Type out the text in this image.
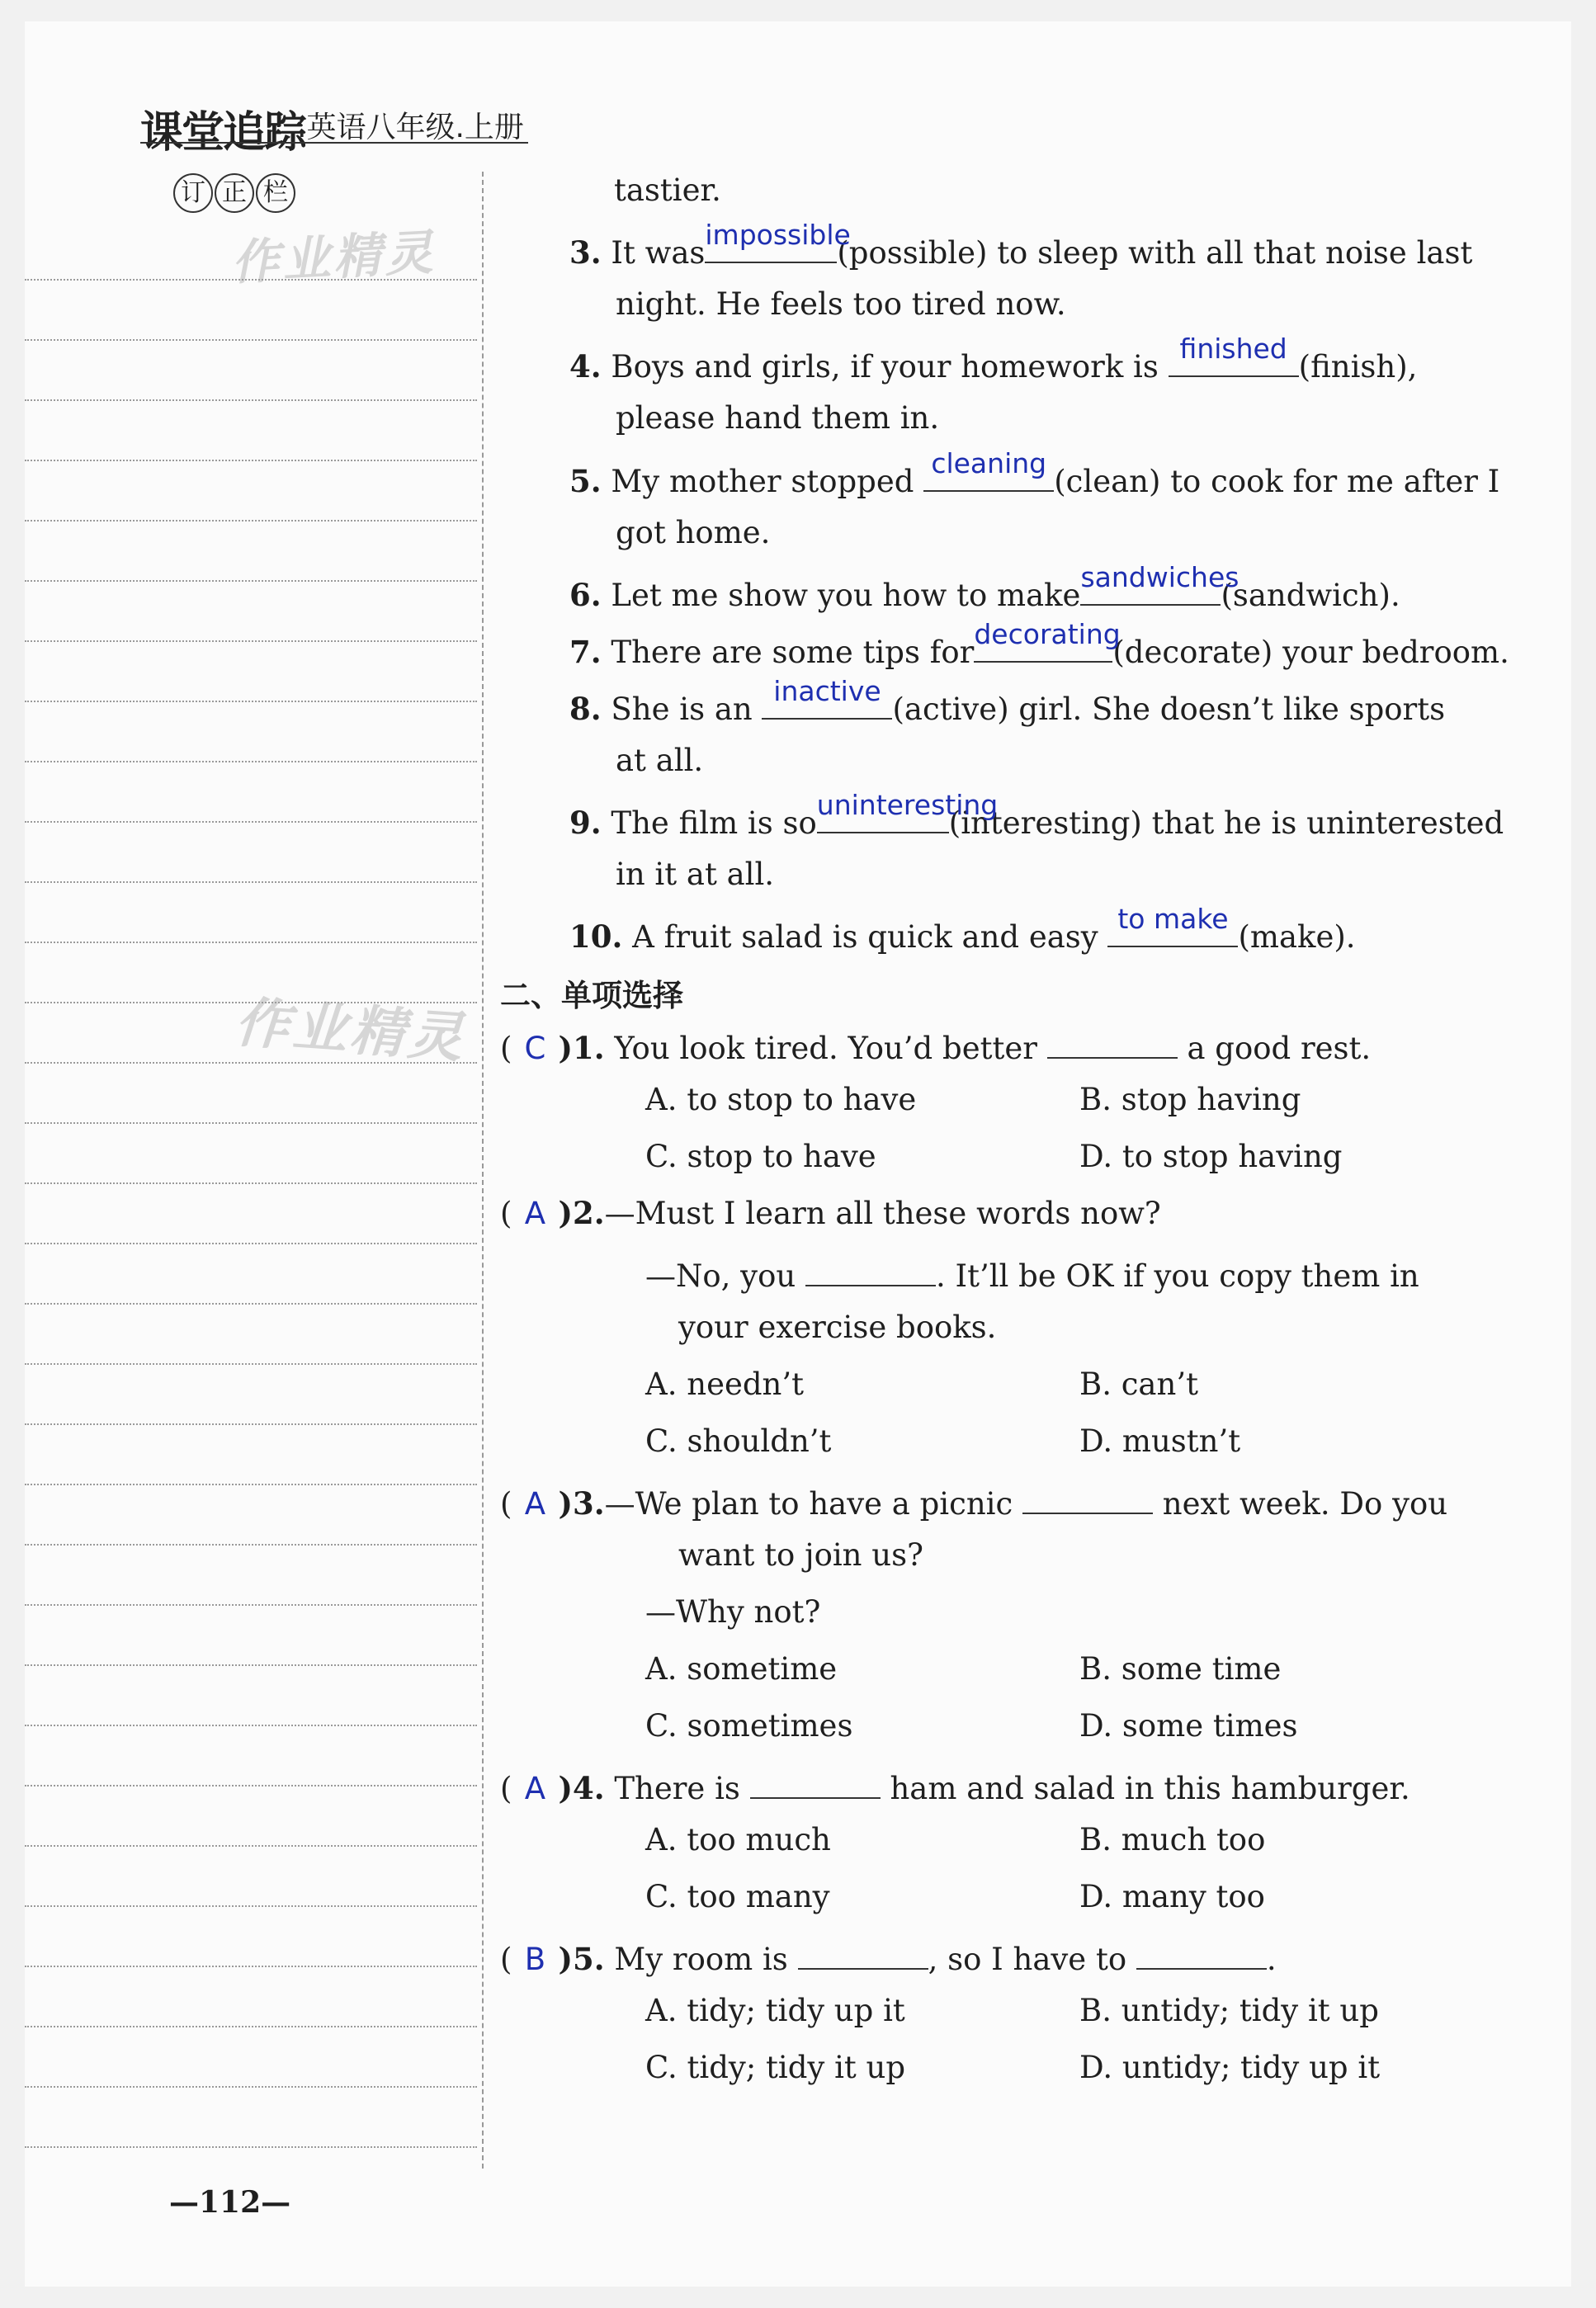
课堂追踪
.英语八年级.上册
订 正 栏
作业精灵
作业精灵
tastier.
3. It was
impossible
(possible) to sleep with all that noise last
night. He feels too tired now.
4. Boys and girls, if your homework is
finished
(finish),
please hand them in.
5. My mother stopped
cleaning
(clean) to cook for me after I
got home.
6. Let me show you how to make
sandwiches
(sandwich).
7. There are some tips for
decorating
(decorate) your bedroom.
8. She is an
inactive
(active) girl. She doesn’t like sports
at all.
9. The film is so
uninteresting
(interesting) that he is uninterested
in it at all.
10. A fruit salad is quick and easy
to make
(make).
二、单项选择
( C )1. You look tired. You’d better	a good rest.
A. to stop to have	B. stop having
C. stop to have	D. to stop having
( A )2.—Must I learn all these words now?
—No, you	. It’ll be OK if you copy them in
your exercise books.
A. needn’t	B. can’t
C. shouldn’t	D. mustn’t
( A )3.—We plan to have a picnic	next week. Do you
want to join us?
—Why not?
A. sometime	B. some time
C. sometimes	D. some times
( A )4. There is	ham and salad in this hamburger.
A. too much	B. much too
C. too many	D. many too
( B )5. My room is	, so I have to	.
A. tidy; tidy up it	B. untidy; tidy it up
C. tidy; tidy it up	D. untidy; tidy up it
—112—
